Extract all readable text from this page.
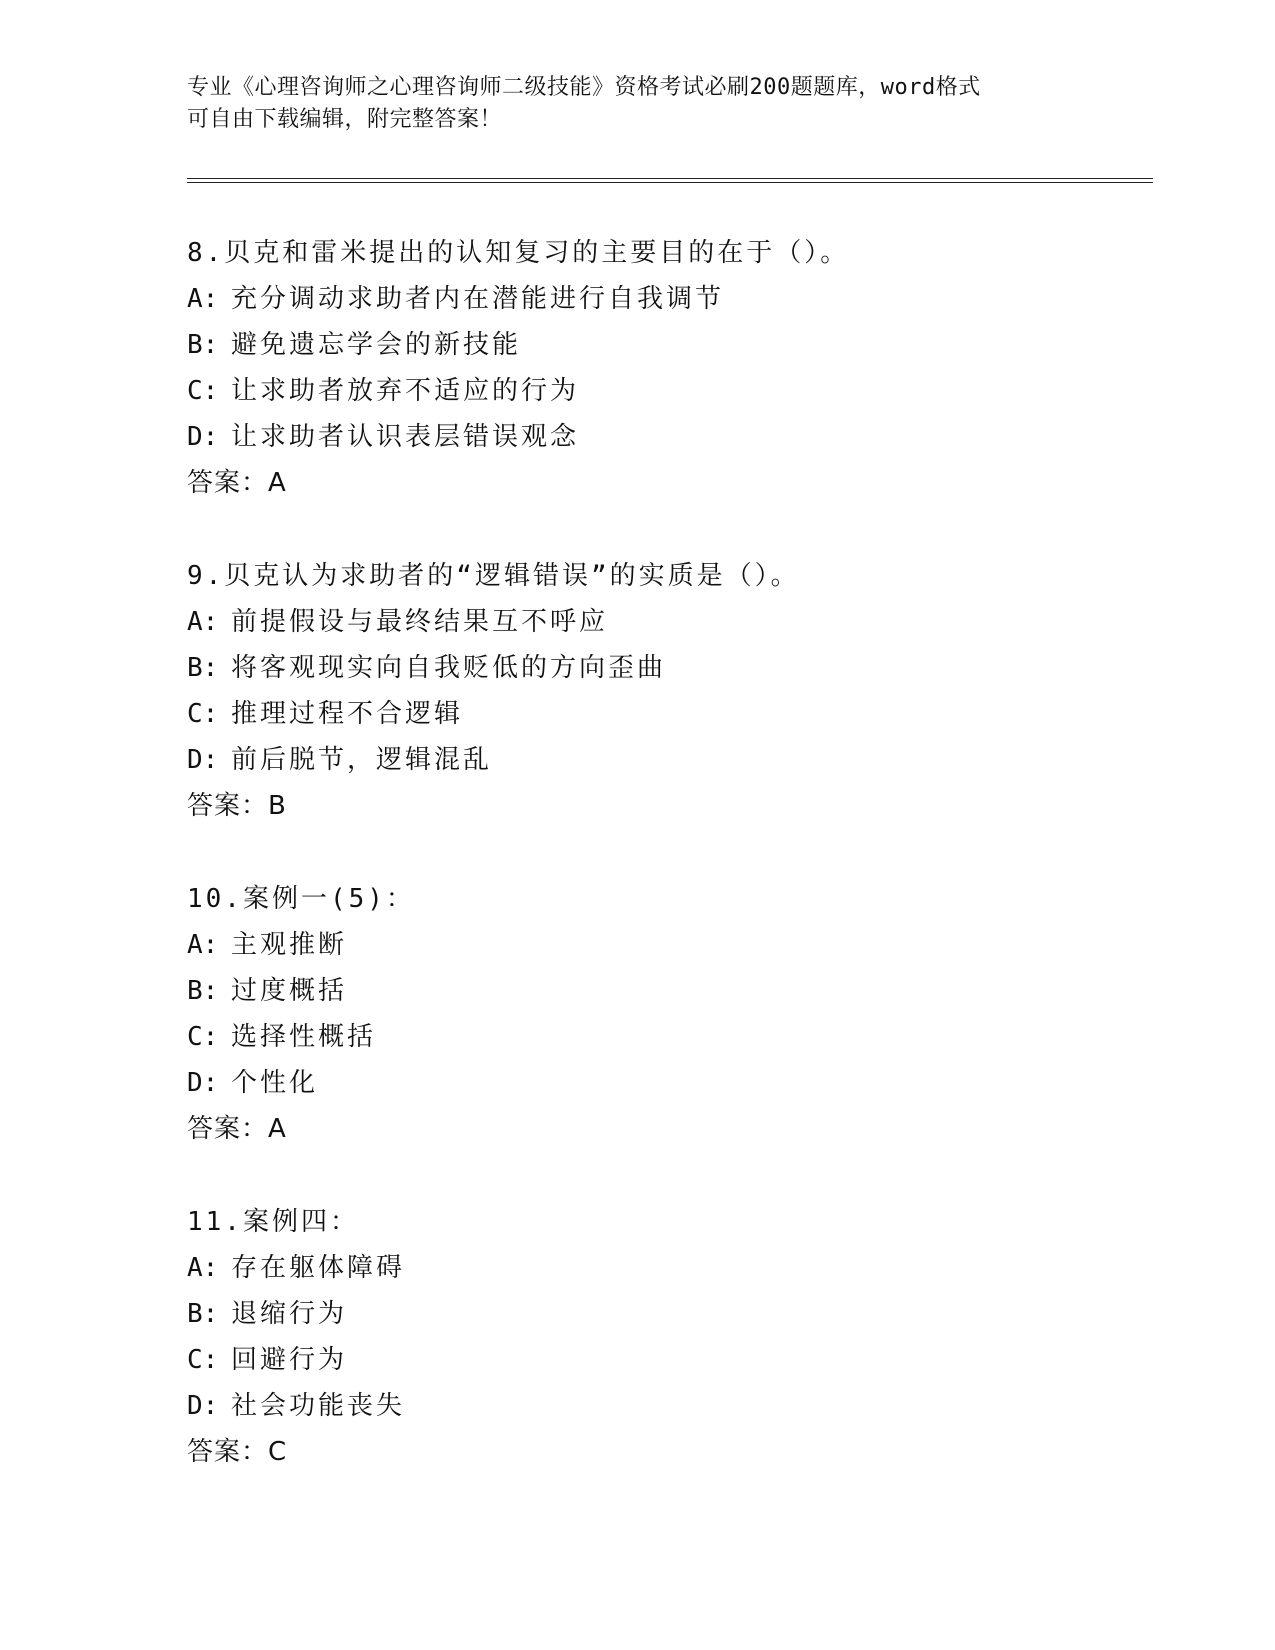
专业《心理咨询师之心理咨询师二级技能》资格考试必刷200题题库，word格式
可自由下载编辑，附完整答案！
8.贝克和雷米提出的认知复习的主要目的在于（）。
A: 充分调动求助者内在潜能进行自我调节
B: 避免遗忘学会的新技能
C: 让求助者放弃不适应的行为
D: 让求助者认识表层错误观念
答案：A
9.贝克认为求助者的“逻辑错误”的实质是（）。
A: 前提假设与最终结果互不呼应
B: 将客观现实向自我贬低的方向歪曲
C: 推理过程不合逻辑
D: 前后脱节，逻辑混乱
答案：B
10.案例一(5)：
A: 主观推断
B: 过度概括
C: 选择性概括
D: 个性化
答案：A
11.案例四：
A: 存在躯体障碍
B: 退缩行为
C: 回避行为
D: 社会功能丧失
答案：C
